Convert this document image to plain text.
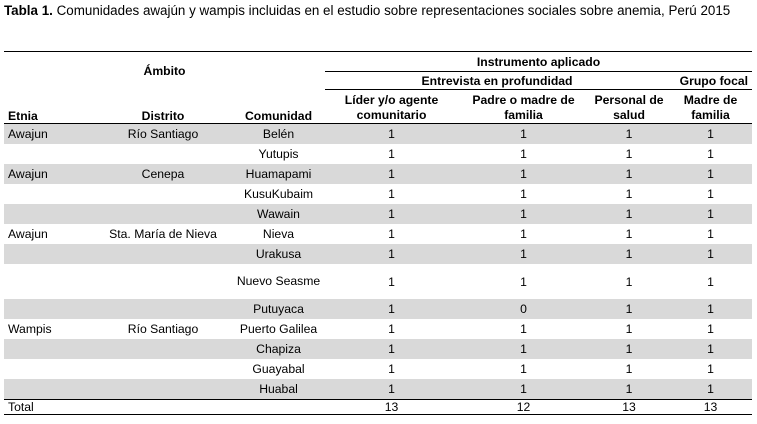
Tabla 1. Comunidades awajún y wampis incluidas en el estudio sobre representaciones sociales sobre anemia, Perú 2015
Ámbito			Instrumento aplicado			
			Entrevista en profundidad			Grupo focal
Etnia	Distrito	Comunidad	Líder y/o agente comunitario	Padre o madre de familia	Personal de salud	Madre de familia
Awajun	Río Santiago	Belén	1	1	1	1
		Yutupis	1	1	1	1
Awajun	Cenepa	Huamapami	1	1	1	1
		KusuKubaim	1	1	1	1
		Wawain	1	1	1	1
Awajun	Sta. María de Nieva	Nieva	1	1	1	1
		Urakusa	1	1	1	1
		Nuevo Seasme	1	1	1	1
		Putuyaca	1	0	1	1
Wampis	Río Santiago	Puerto Galilea	1	1	1	1
		Chapiza	1	1	1	1
		Guayabal	1	1	1	1
		Huabal	1	1	1	1
Total			13	12	13	13
